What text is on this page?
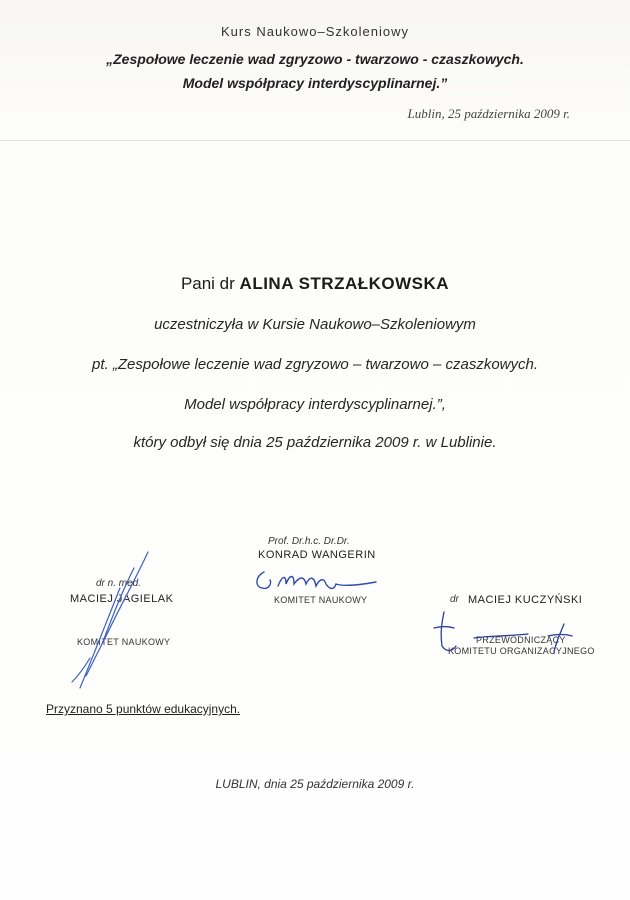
Kurs Naukowo–Szkoleniowy
„Zespołowe leczenie wad zgryzowo - twarzowo - czaszkowych.
Model współpracy interdyscyplinarnej.”
Lublin, 25 października 2009 r.
Pani dr ALINA STRZAŁKOWSKA
uczestniczyła w Kursie Naukowo–Szkoleniowym
pt. „Zespołowe leczenie wad zgryzowo – twarzowo – czaszkowych.
Model współpracy interdyscyplinarnej.”,
który odbył się dnia 25 października 2009 r. w Lublinie.
dr n. med.
MACIEJ JAGIELAK
KOMITET NAUKOWY
Prof. Dr.h.c. Dr.Dr.
KONRAD WANGERIN
KOMITET NAUKOWY	dr MACIEJ KUCZYŃSKI
PRZEWODNICZĄCY
KOMITETU ORGANIZACYJNEGO
Przyznano 5 punktów edukacyjnych.
LUBLIN, dnia 25 października 2009 r.
